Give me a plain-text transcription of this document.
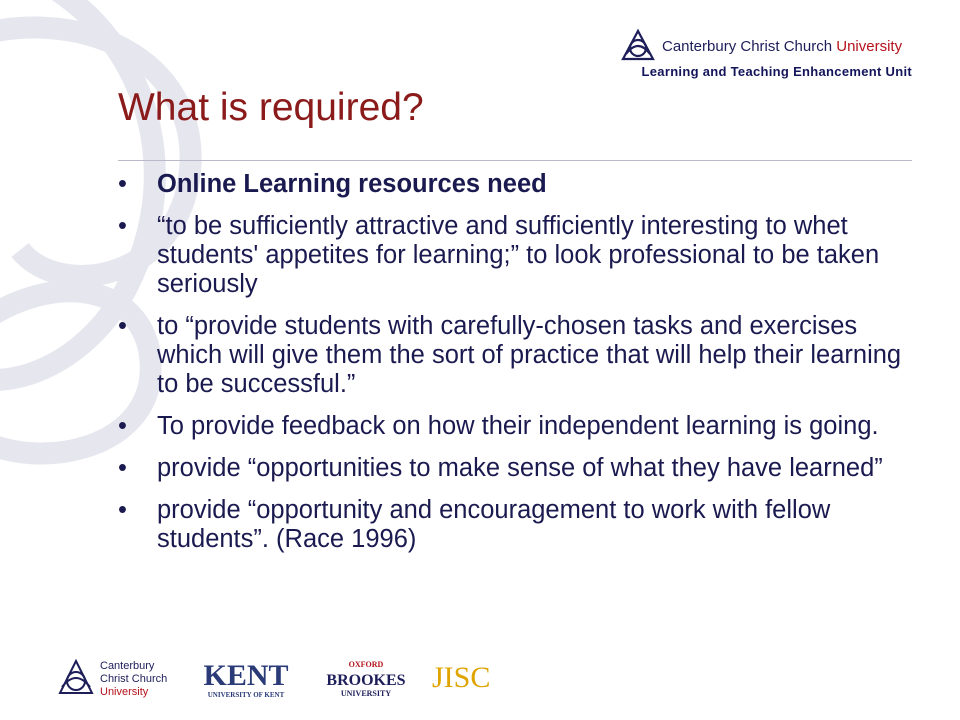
Canterbury Christ Church University
Learning and Teaching Enhancement Unit
What is required?
• Online Learning resources need
• “to be sufficiently attractive and sufficiently interesting to whet students' appetites for learning;” to look professional to be taken seriously
• to “provide students with carefully-chosen tasks and exercises which will give them the sort of practice that will help their learning to be successful.”
• To provide feedback on how their independent learning is going.
• provide “opportunities to make sense of what they have learned”
• provide “opportunity and encouragement to work with fellow students”. (Race 1996)
Canterbury
Christ Church
University KENT
UNIVERSITY OF KENT
OXFORD
BROOKES
UNIVERSITY JISC
